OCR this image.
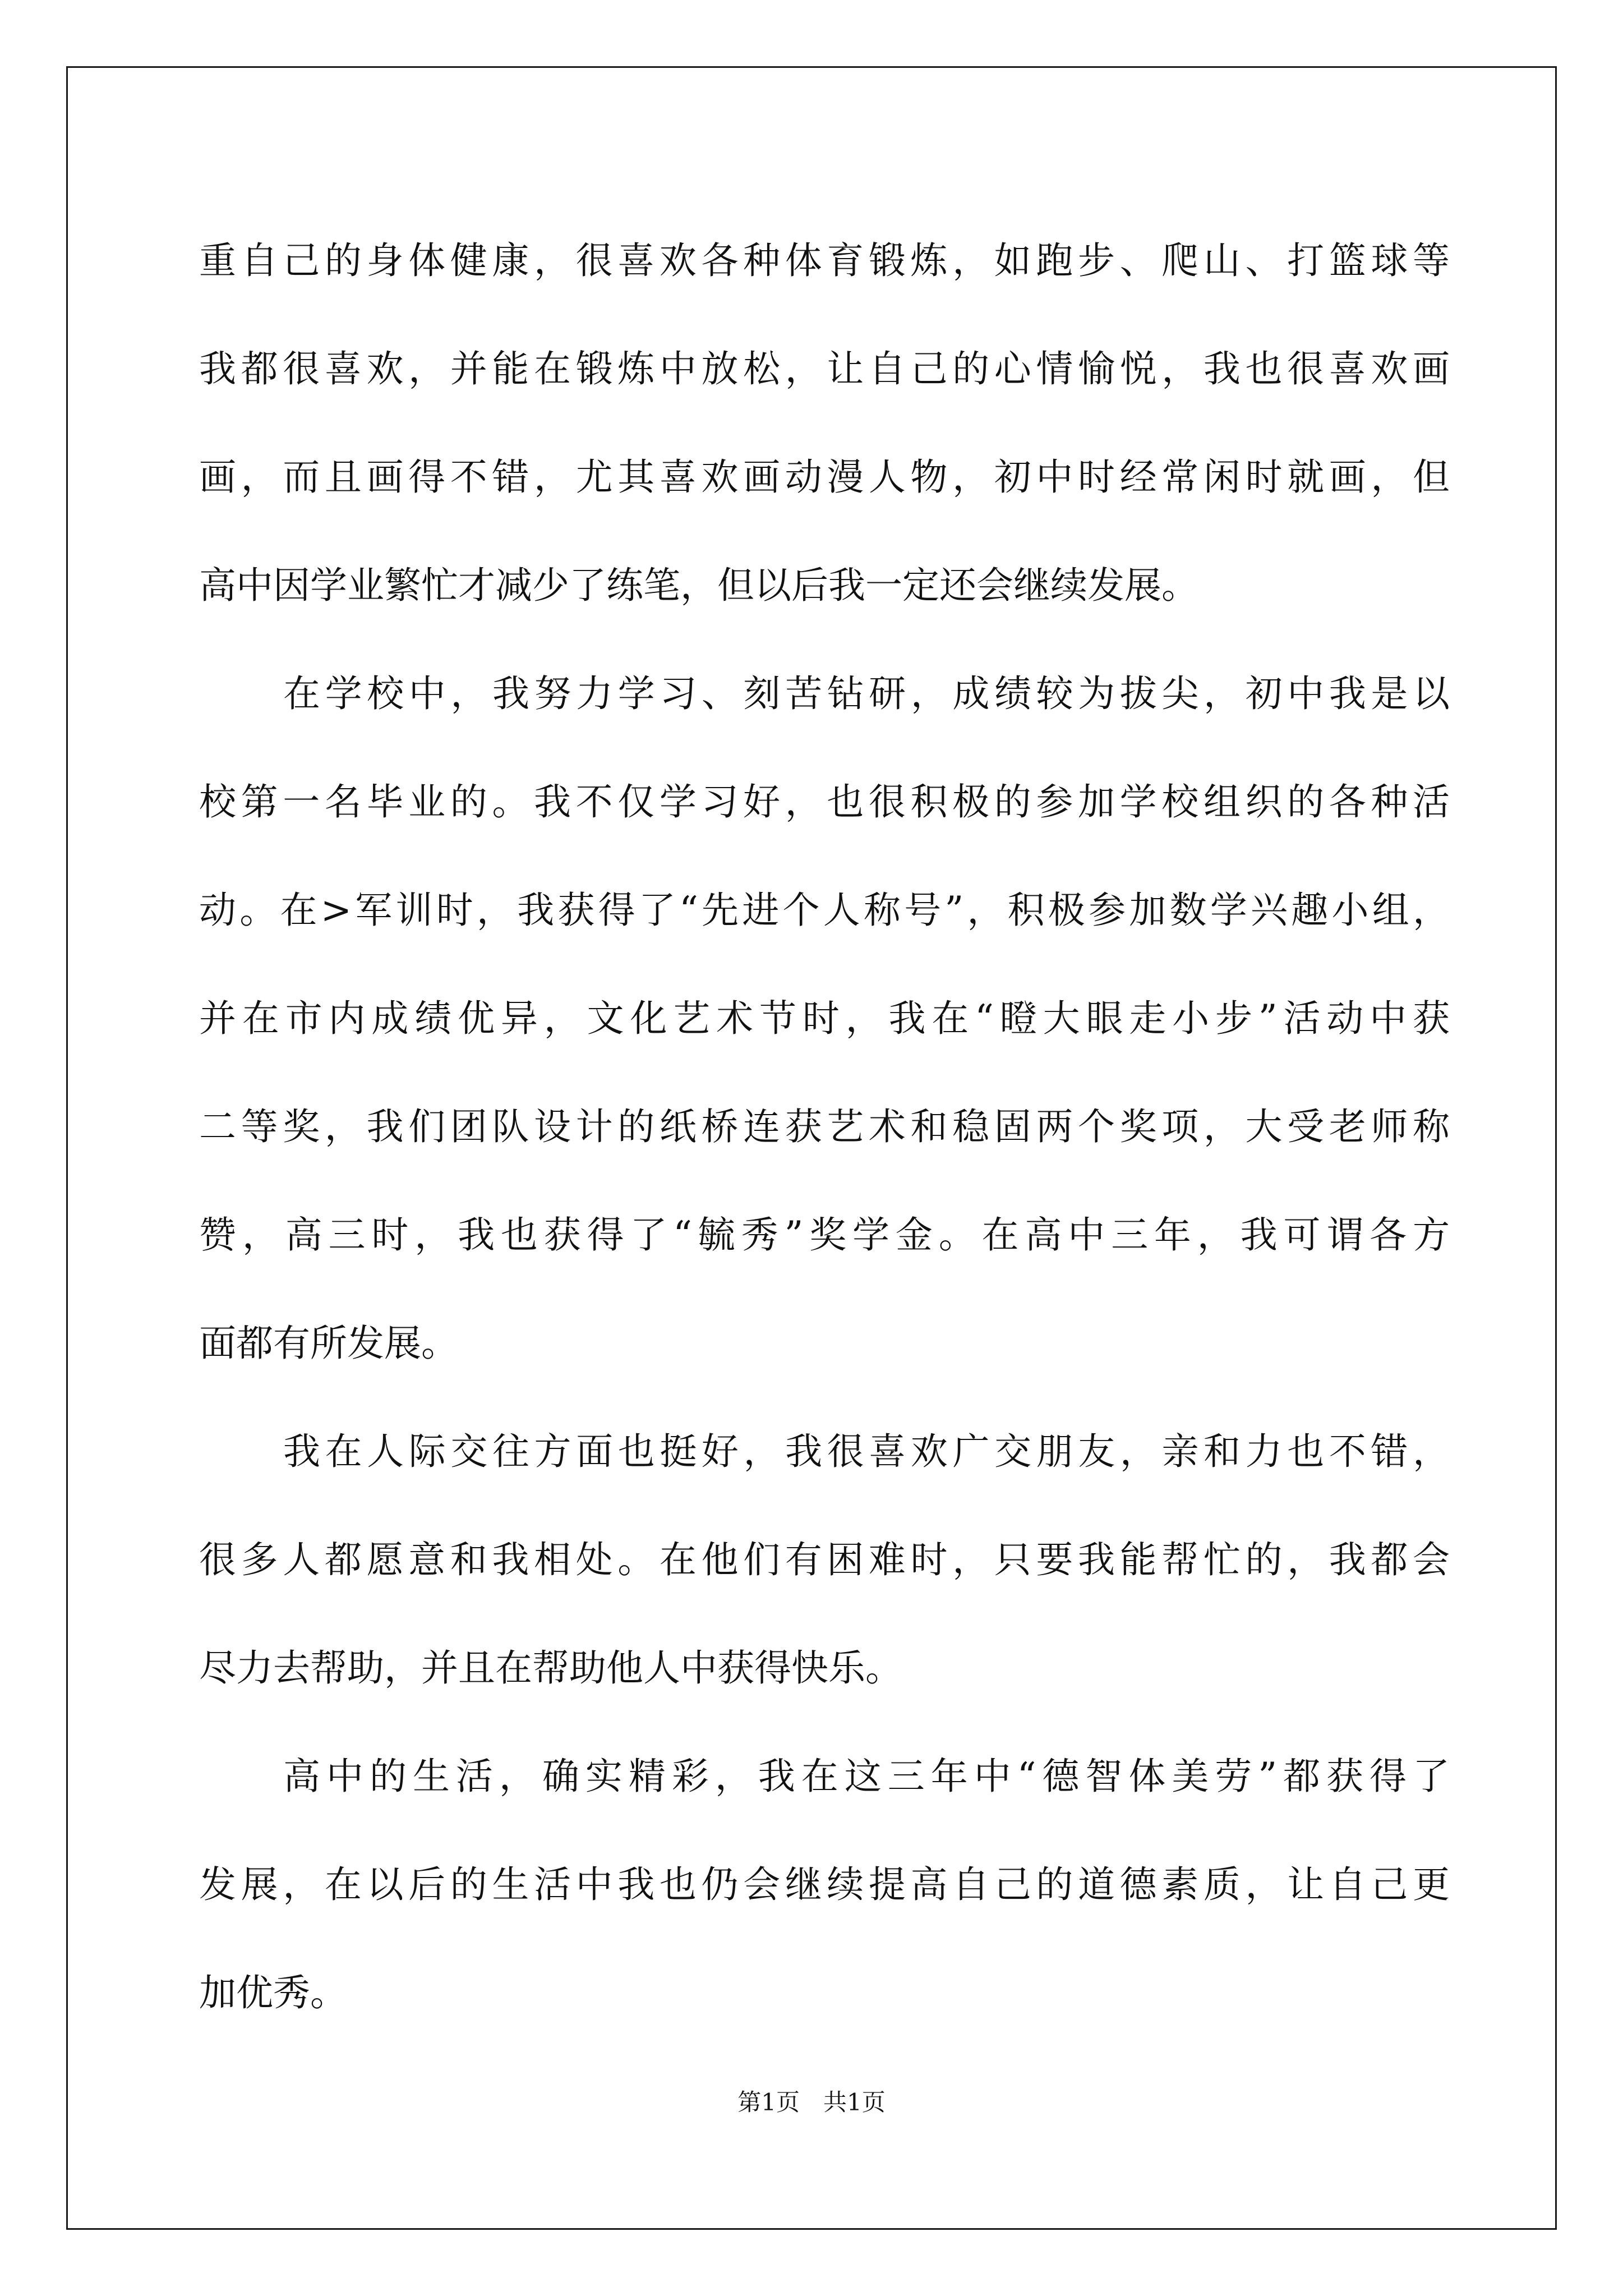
重自己的身体健康，很喜欢各种体育锻炼，如跑步、爬山、打篮球等
我都很喜欢，并能在锻炼中放松，让自己的心情愉悦，我也很喜欢画
画，而且画得不错，尤其喜欢画动漫人物，初中时经常闲时就画，但
高中因学业繁忙才减少了练笔，但以后我一定还会继续发展。
在学校中，我努力学习、刻苦钻研，成绩较为拔尖，初中我是以
校第一名毕业的。我不仅学习好，也很积极的参加学校组织的各种活
动。在>军训时，我获得了“先进个人称号”，积极参加数学兴趣小组，
并在市内成绩优异，文化艺术节时，我在“瞪大眼走小步”活动中获
二等奖，我们团队设计的纸桥连获艺术和稳固两个奖项，大受老师称
赞，高三时，我也获得了“毓秀”奖学金。在高中三年，我可谓各方
面都有所发展。
我在人际交往方面也挺好，我很喜欢广交朋友，亲和力也不错，
很多人都愿意和我相处。在他们有困难时，只要我能帮忙的，我都会
尽力去帮助，并且在帮助他人中获得快乐。
高中的生活，确实精彩，我在这三年中“德智体美劳”都获得了
发展，在以后的生活中我也仍会继续提高自己的道德素质，让自己更
加优秀。
第1页　共1页
